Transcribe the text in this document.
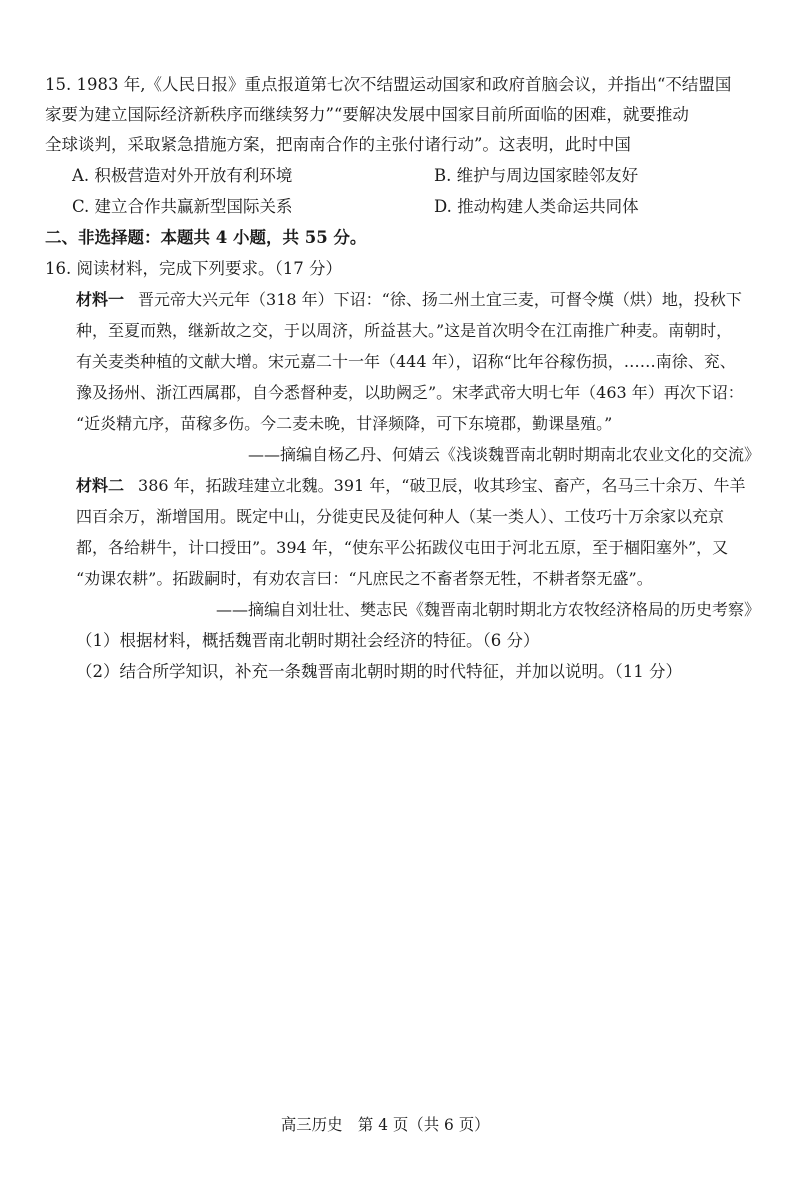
15. 1983 年,《人民日报》重点报道第七次不结盟运动国家和政府首脑会议，并指出“不结盟国
家要为建立国际经济新秩序而继续努力”“要解决发展中国家目前所面临的困难，就要推动
全球谈判，采取紧急措施方案，把南南合作的主张付诸行动”。这表明，此时中国
A. 积极营造对外开放有利环境	B. 维护与周边国家睦邻友好
C. 建立合作共赢新型国际关系	D. 推动构建人类命运共同体
二、非选择题：本题共 4 小题，共 55 分。
16. 阅读材料，完成下列要求。（17 分）
材料一 晋元帝大兴元年（318 年）下诏：“徐、扬二州土宜三麦，可督令熯（烘）地，投秋下
种，至夏而熟，继新故之交，于以周济，所益甚大。”这是首次明令在江南推广种麦。南朝时，
有关麦类种植的文献大增。宋元嘉二十一年（444 年），诏称“比年谷稼伤损，……南徐、兖、
豫及扬州、浙江西属郡，自今悉督种麦，以助阙乏”。宋孝武帝大明七年（463 年）再次下诏：
“近炎精亢序，苗稼多伤。今二麦未晚，甘泽频降，可下东境郡，勤课垦殖。”
——摘编自杨乙丹、何婧云《浅谈魏晋南北朝时期南北农业文化的交流》
材料二 386 年，拓跋珪建立北魏。391 年，“破卫辰，收其珍宝、畜产，名马三十余万、牛羊
四百余万，渐增国用。既定中山，分徙吏民及徒何种人（某一类人）、工伎巧十万余家以充京
都，各给耕牛，计口授田”。394 年，“使东平公拓跋仪屯田于河北五原，至于棝阳塞外”，又
“劝课农耕”。拓跋嗣时，有劝农言曰：“凡庶民之不畜者祭无牲，不耕者祭无盛”。
——摘编自刘壮壮、樊志民《魏晋南北朝时期北方农牧经济格局的历史考察》
（1）根据材料，概括魏晋南北朝时期社会经济的特征。（6 分）
（2）结合所学知识，补充一条魏晋南北朝时期的时代特征，并加以说明。（11 分）
高三历史　第 4 页（共 6 页）
